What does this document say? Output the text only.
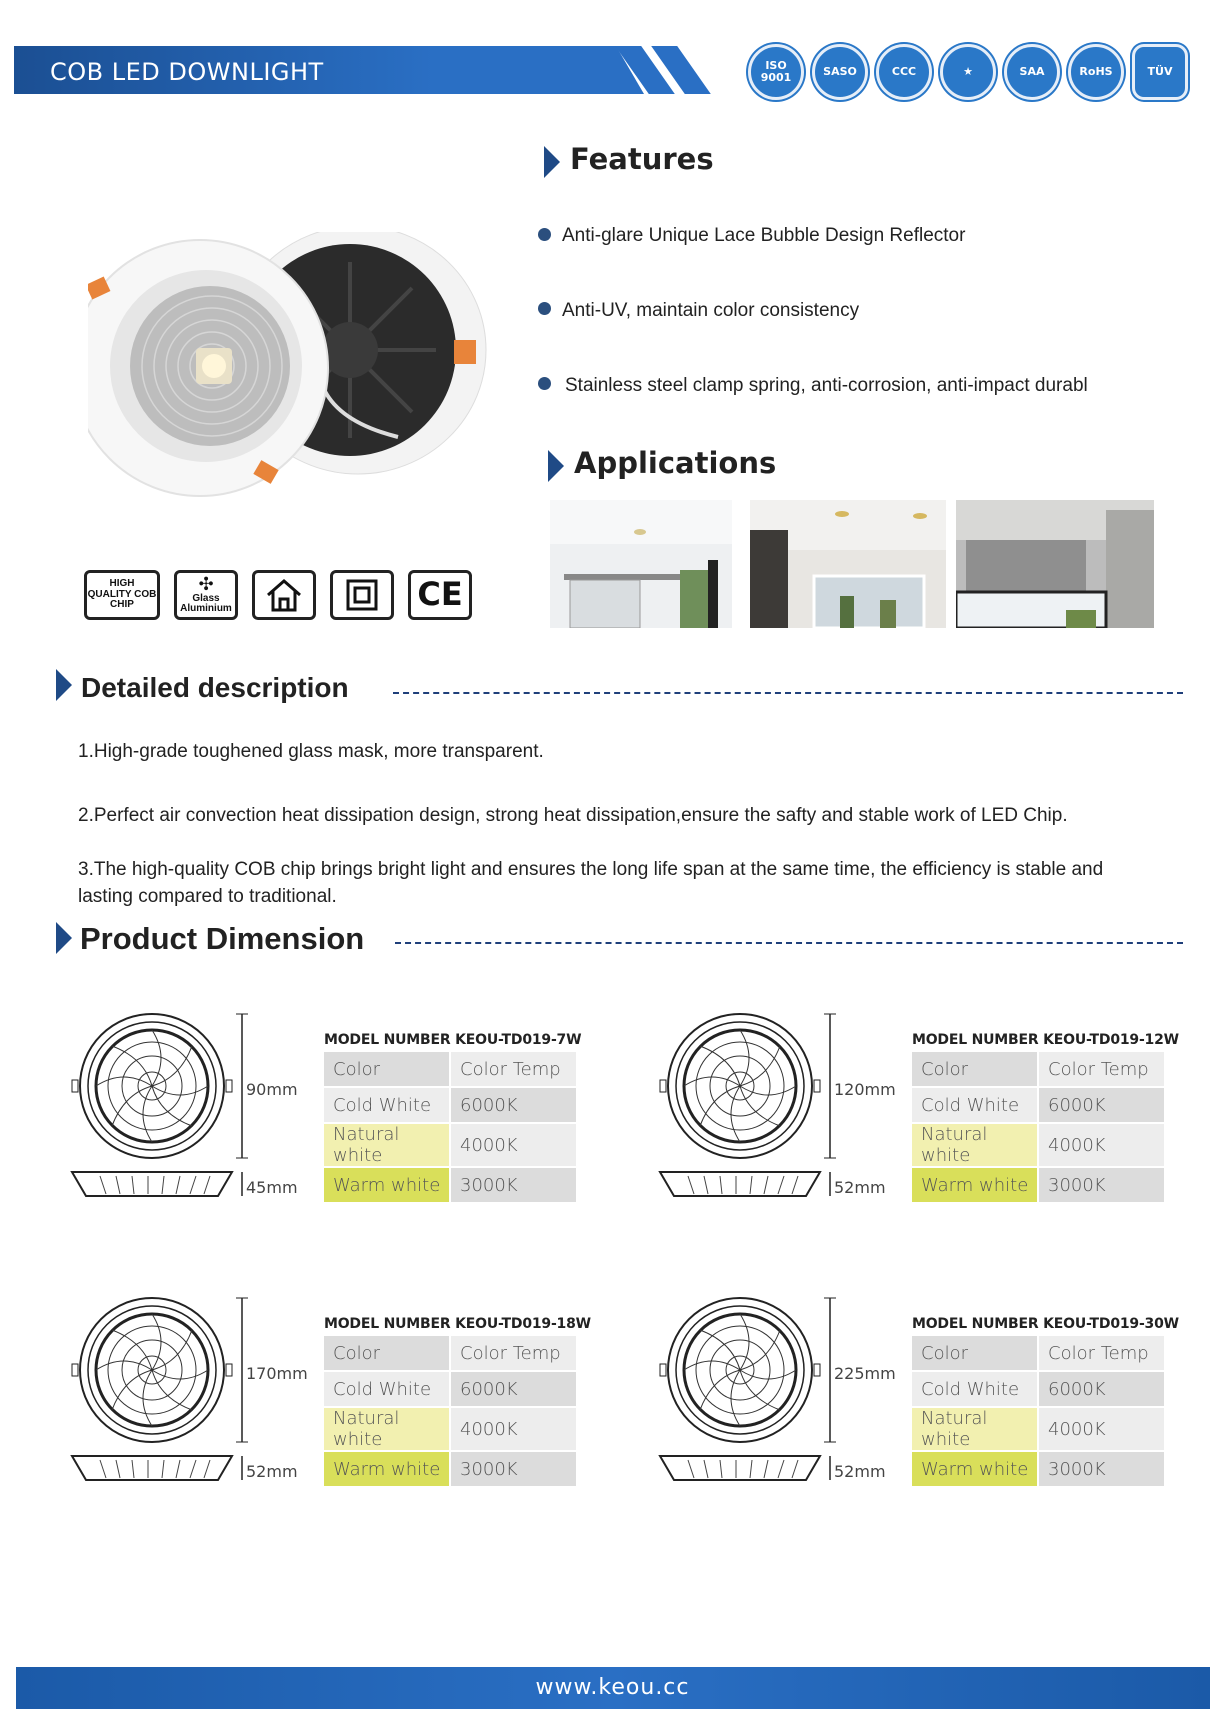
COB LED DOWNLIGHT	ISO 9001	SASO	CCC	★	SAA	RoHS	TÜV
HIGH QUALITY COB CHIP
✣
Glass Aluminium	CE
Features
Anti-glare Unique Lace Bubble Design Reflector
Anti-UV, maintain color consistency
Stainless steel clamp spring, anti-corrosion, anti-impact durabl
Applications
Detailed description
1.High-grade toughened glass mask, more transparent.
2.Perfect air convection heat dissipation design, strong heat dissipation,ensure the safty and stable work of LED Chip.
3.The high-quality COB chip brings bright light and ensures the long life span at the same time, the efficiency is stable and lasting compared to traditional.
Product Dimension
90mm
45mm
MODEL NUMBER KEOU-TD019-7W
Color	Color Temp
Cold White	6000K
Natural white	4000K
Warm white	3000K
120mm
52mm
MODEL NUMBER KEOU-TD019-12W
Color	Color Temp
Cold White	6000K
Natural white	4000K
Warm white	3000K
170mm
52mm
MODEL NUMBER KEOU-TD019-18W
Color	Color Temp
Cold White	6000K
Natural white	4000K
Warm white	3000K
225mm
52mm
MODEL NUMBER KEOU-TD019-30W
Color	Color Temp
Cold White	6000K
Natural white	4000K
Warm white	3000K
www.keou.cc
